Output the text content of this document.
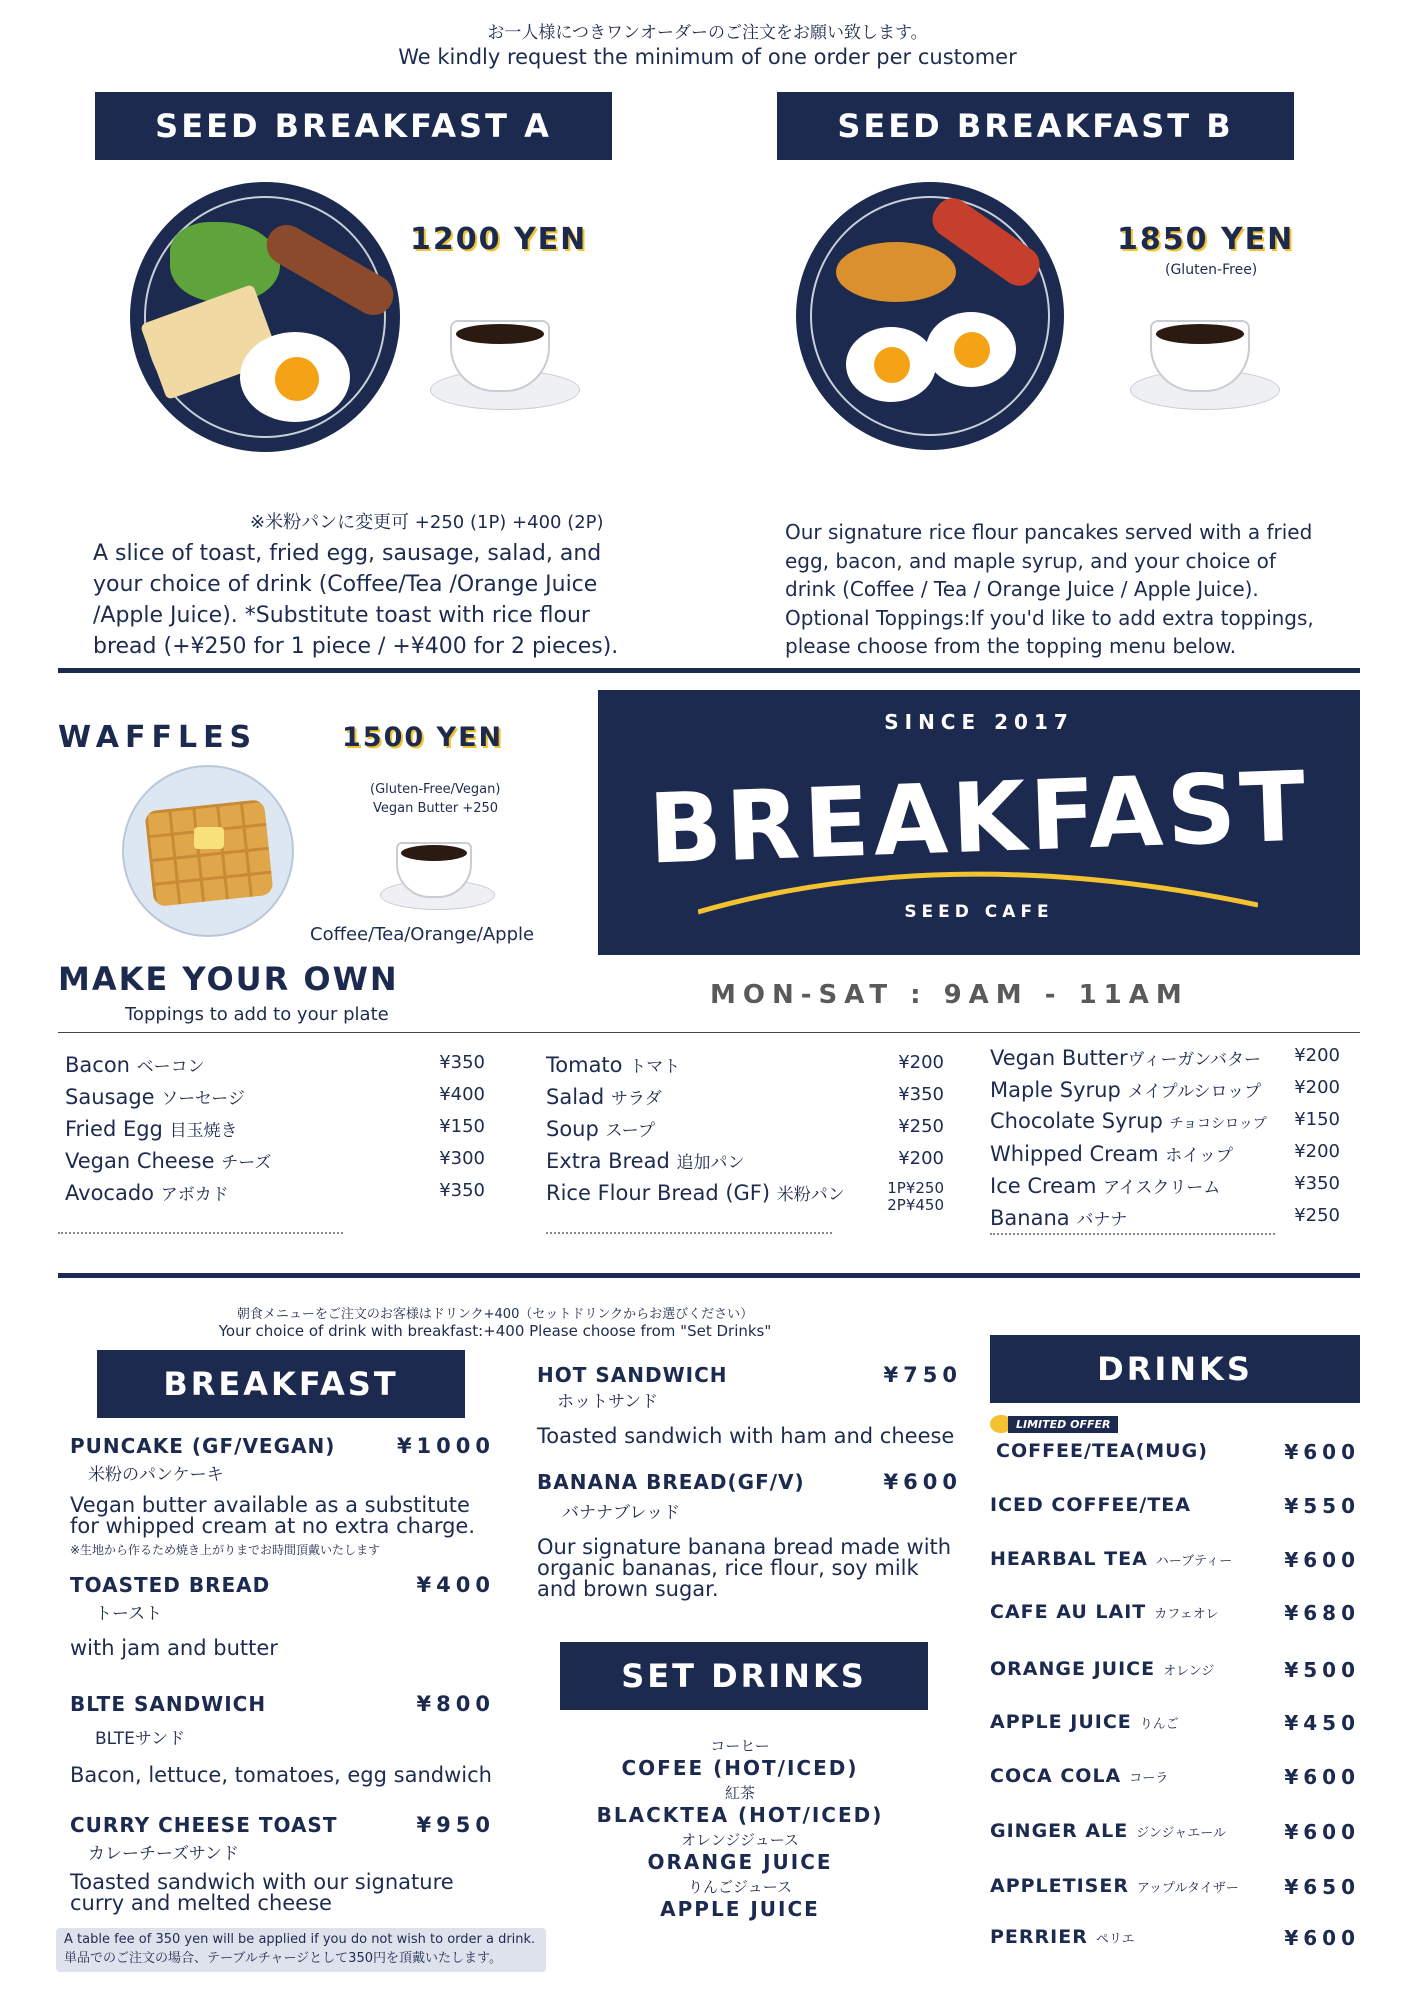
お一人様につきワンオーダーのご注文をお願い致します。
We kindly request the minimum of one order per customer
SEED BREAKFAST A
1200 YEN
※米粉パンに変更可 +250 (1P) +400 (2P)
A slice of toast, fried egg, sausage, salad, and your choice of drink (Coffee/Tea /Orange Juice /Apple Juice). *Substitute toast with rice flour bread (+¥250 for 1 piece / +¥400 for 2 pieces).
SEED BREAKFAST B
1850 YEN
(Gluten-Free)
Our signature rice flour pancakes served with a fried egg, bacon, and maple syrup, and your choice of drink (Coffee / Tea / Orange Juice / Apple Juice). Optional Toppings:If you'd like to add extra toppings, please choose from the topping menu below.
WAFFLES	1500 YEN
(Gluten-Free/Vegan)
Vegan Butter +250
Coffee/Tea/Orange/Apple
SINCE 2017
BREAKFAST
SEED CAFE
MAKE YOUR OWN
Toppings to add to your plate
MON-SAT : 9AM - 11AM
Bacon ベーコン	¥350
Sausage ソーセージ	¥400
Fried Egg 目玉焼き	¥150
Vegan Cheese チーズ	¥300
Avocado アボカド	¥350
Tomato トマト	¥200
Salad サラダ	¥350
Soup スープ	¥250
Extra Bread 追加パン	¥200
Rice Flour Bread (GF) 米粉パン	1P¥250
2P¥450
Vegan Butterヴィーガンバター ¥200
Maple Syrup メイプルシロップ ¥200
Chocolate Syrup チョコシロップ ¥150
Whipped Cream ホイップ	¥200
Ice Cream アイスクリーム	¥350
Banana バナナ	¥250
朝食メニューをご注文のお客様はドリンク+400（セットドリンクからお選びください）
Your choice of drink with breakfast:+400 Please choose from "Set Drinks"
BREAKFAST
PUNCAKE (GF/VEGAN)	¥1000
米粉のパンケーキ
Vegan butter available as a substitute for whipped cream at no extra charge.
※生地から作るため焼き上がりまでお時間頂戴いたします
TOASTED BREAD	¥400
トースト
with jam and butter
BLTE SANDWICH	¥800
BLTEサンド
Bacon, lettuce, tomatoes, egg sandwich
CURRY CHEESE TOAST	¥950
カレーチーズサンド
Toasted sandwich with our signature curry and melted cheese
A table fee of 350 yen will be applied if you do not wish to order a drink.
単品でのご注文の場合、テーブルチャージとして350円を頂戴いたします。
HOT SANDWICH	¥750
ホットサンド
Toasted sandwich with ham and cheese
BANANA BREAD(GF/V)	¥600
バナナブレッド
Our signature banana bread made with organic bananas, rice flour, soy milk and brown sugar.
SET DRINKS
コーヒー
COFEE (HOT/ICED)
紅茶
BLACKTEA (HOT/ICED)
オレンジジュース
ORANGE JUICE
りんごジュース
APPLE JUICE
DRINKS
LIMITED OFFER
COFFEE/TEA(MUG)	¥600
ICED COFFEE/TEA	¥550
HEARBAL TEA ハーブティー	¥600
CAFE AU LAIT カフェオレ	¥680
ORANGE JUICE オレンジ	¥500
APPLE JUICE りんご	¥450
COCA COLA コーラ	¥600
GINGER ALE ジンジャエール	¥600
APPLETISER アップルタイザー ¥650
PERRIER ペリエ	¥600
